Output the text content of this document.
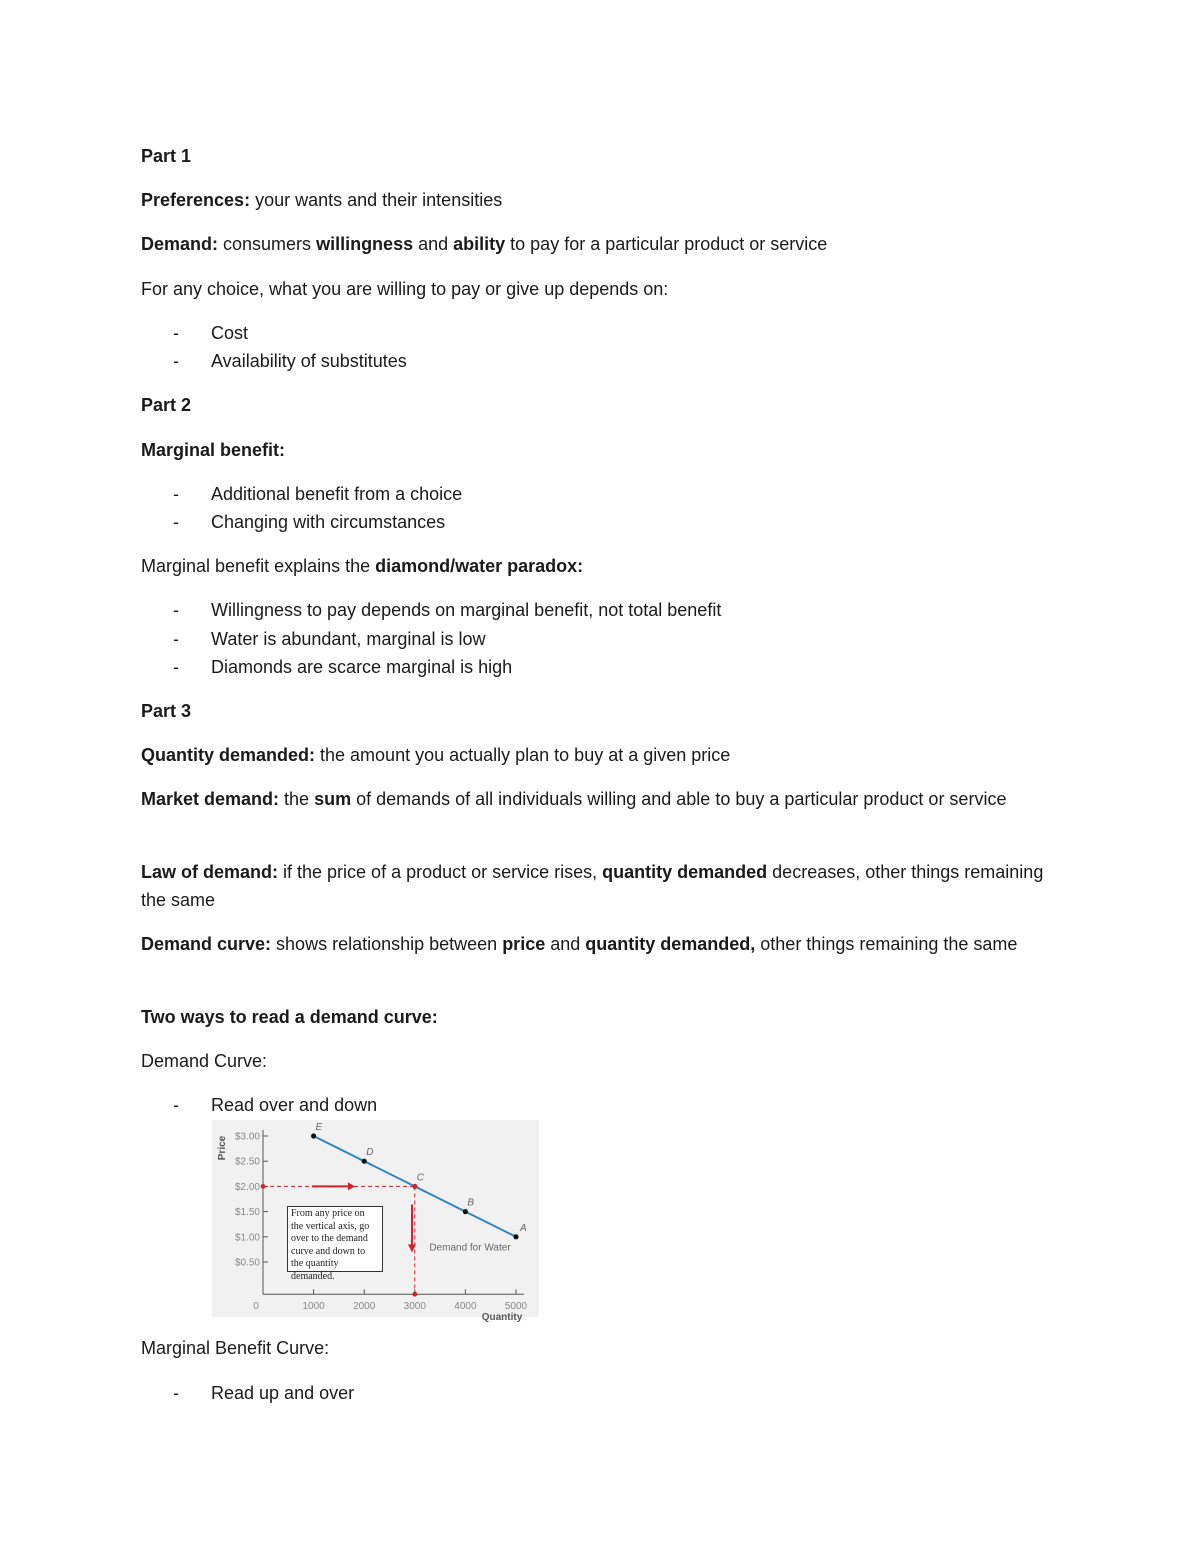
Part 1
Preferences: your wants and their intensities
Demand: consumers willingness and ability to pay for a particular product or service
For any choice, what you are willing to pay or give up depends on:
- Cost
- Availability of substitutes
Part 2
Marginal benefit:
- Additional benefit from a choice
- Changing with circumstances
Marginal benefit explains the diamond/water paradox:
- Willingness to pay depends on marginal benefit, not total benefit
- Water is abundant, marginal is low
- Diamonds are scarce marginal is high
Part 3
Quantity demanded: the amount you actually plan to buy at a given price
Market demand: the sum of demands of all individuals willing and able to buy a particular product or service
Law of demand: if the price of a product or service rises, quantity demanded decreases, other things remaining the same
Demand curve: shows relationship between price and quantity demanded, other things remaining the same
Two ways to read a demand curve:
Demand Curve:
- Read over and down
$3.00
$2.50
$2.00
$1.50
$1.00
$0.50
0	1000	2000	3000	4000	5000
Price
Quantity
E
D
C
B
A
Demand for Water
From any price on the vertical axis, go over to the demand curve and down to the quantity demanded.
Marginal Benefit Curve:
- Read up and over
